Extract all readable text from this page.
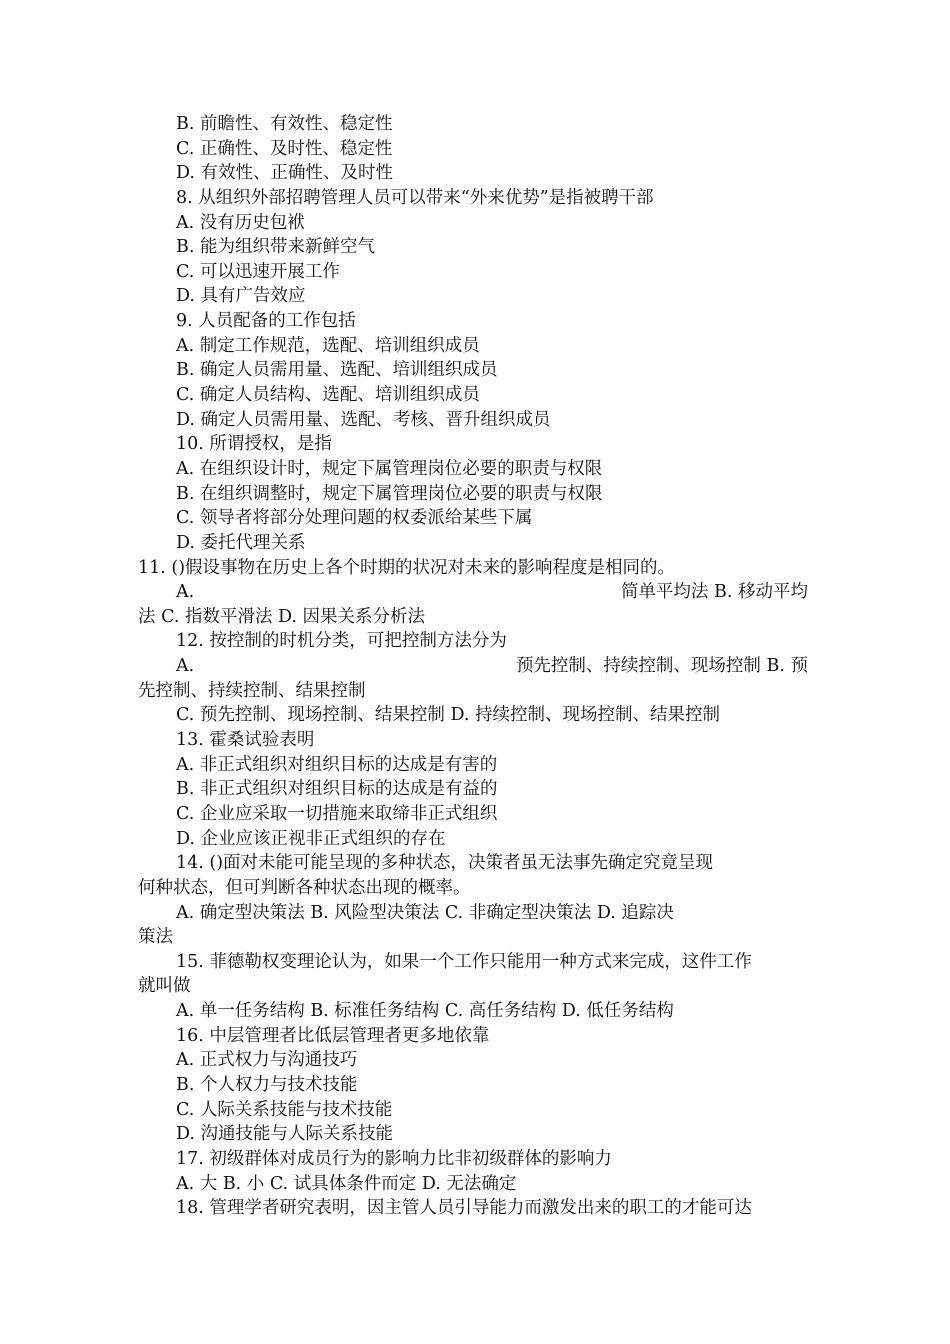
B. 前瞻性、有效性、稳定性
C. 正确性、及时性、稳定性
D. 有效性、正确性、及时性
8. 从组织外部招聘管理人员可以带来“外来优势”是指被聘干部
A. 没有历史包袱
B. 能为组织带来新鲜空气
C. 可以迅速开展工作
D. 具有广告效应
9. 人员配备的工作包括
A. 制定工作规范，选配、培训组织成员
B. 确定人员需用量、选配、培训组织成员
C. 确定人员结构、选配、培训组织成员
D. 确定人员需用量、选配、考核、晋升组织成员
10. 所谓授权，是指
A. 在组织设计时，规定下属管理岗位必要的职责与权限
B. 在组织调整时，规定下属管理岗位必要的职责与权限
C. 领导者将部分处理问题的权委派给某些下属
D. 委托代理关系
11. ()假设事物在历史上各个时期的状况对未来的影响程度是相同的。
A.	简单平均法 B. 移动平均
法 C. 指数平滑法 D. 因果关系分析法
12. 按控制的时机分类，可把控制方法分为
A.	预先控制、持续控制、现场控制 B. 预
先控制、持续控制、结果控制
C. 预先控制、现场控制、结果控制 D. 持续控制、现场控制、结果控制
13. 霍桑试验表明
A. 非正式组织对组织目标的达成是有害的
B. 非正式组织对组织目标的达成是有益的
C. 企业应采取一切措施来取缔非正式组织
D. 企业应该正视非正式组织的存在
14. ()面对未能可能呈现的多种状态，决策者虽无法事先确定究竟呈现
何种状态，但可判断各种状态出现的概率。
A. 确定型决策法 B. 风险型决策法 C. 非确定型决策法 D. 追踪决
策法
15. 菲德勒权变理论认为，如果一个工作只能用一种方式来完成，这件工作
就叫做
A. 单一任务结构 B. 标准任务结构 C. 高任务结构 D. 低任务结构
16. 中层管理者比低层管理者更多地依靠
A. 正式权力与沟通技巧
B. 个人权力与技术技能
C. 人际关系技能与技术技能
D. 沟通技能与人际关系技能
17. 初级群体对成员行为的影响力比非初级群体的影响力
A. 大 B. 小 C. 试具体条件而定 D. 无法确定
18. 管理学者研究表明，因主管人员引导能力而激发出来的职工的才能可达
